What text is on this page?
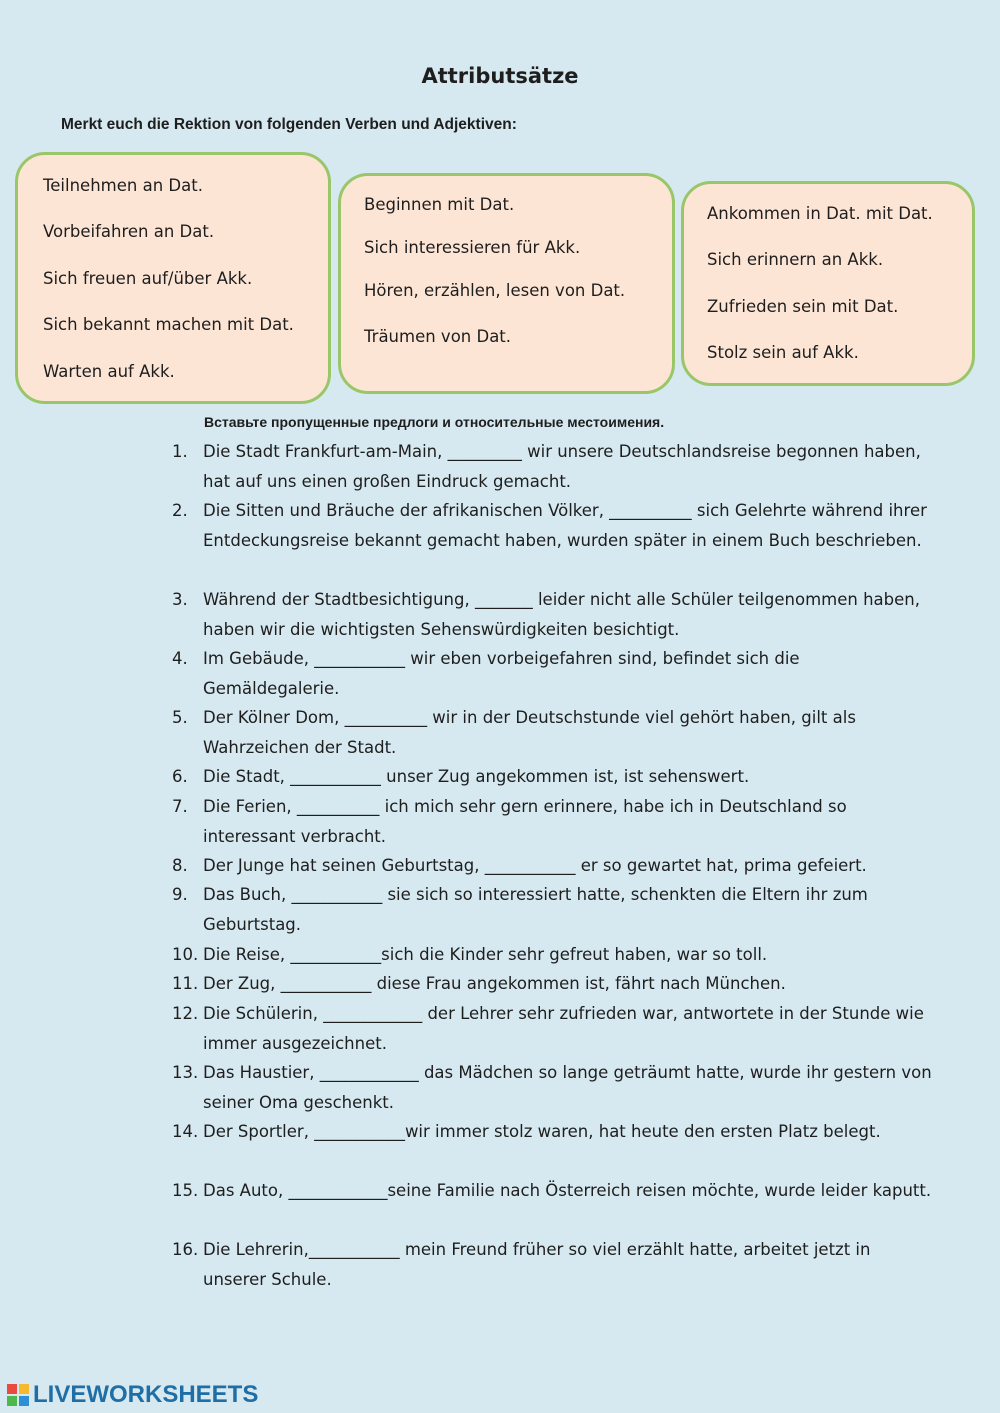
Attributsätze
Merkt euch die Rektion von folgenden Verben und Adjektiven:
Teilnehmen an Dat.
Vorbeifahren an Dat.
Sich freuen auf/über Akk.
Sich bekannt machen mit Dat.
Warten auf Akk.
Beginnen mit Dat.
Sich interessieren für Akk.
Hören, erzählen, lesen von Dat.
Träumen von Dat.
Ankommen in Dat. mit Dat.
Sich erinnern an Akk.
Zufrieden sein mit Dat.
Stolz sein auf Akk.
Вставьте пропущенные предлоги и относительные местоимения.
1. Die Stadt Frankfurt-am-Main, _________ wir unsere Deutschlandsreise begonnen haben, hat auf uns einen großen Eindruck gemacht.
2. Die Sitten und Bräuche der afrikanischen Völker, __________ sich Gelehrte während ihrer Entdeckungsreise bekannt gemacht haben, wurden später in einem Buch beschrieben.
3. Während der Stadtbesichtigung, _______ leider nicht alle Schüler teilgenommen haben, haben wir die wichtigsten Sehenswürdigkeiten besichtigt.
4. Im Gebäude, ___________ wir eben vorbeigefahren sind, befindet sich die Gemäldegalerie.
5. Der Kölner Dom, __________ wir in der Deutschstunde viel gehört haben, gilt als Wahrzeichen der Stadt.
6. Die Stadt, ___________ unser Zug angekommen ist, ist sehenswert.
7. Die Ferien, __________ ich mich sehr gern erinnere, habe ich in Deutschland so interessant verbracht.
8. Der Junge hat seinen Geburtstag, ___________ er so gewartet hat, prima gefeiert.
9. Das Buch, ___________ sie sich so interessiert hatte, schenkten die Eltern ihr zum Geburtstag.
10. Die Reise, ___________sich die Kinder sehr gefreut haben, war so toll.
11. Der Zug, ___________ diese Frau angekommen ist, fährt nach München.
12. Die Schülerin, ____________ der Lehrer sehr zufrieden war, antwortete in der Stunde wie immer ausgezeichnet.
13. Das Haustier, ____________ das Mädchen so lange geträumt hatte, wurde ihr gestern von seiner Oma geschenkt.
14. Der Sportler, ___________wir immer stolz waren, hat heute den ersten Platz belegt.
15. Das Auto, ____________seine Familie nach Österreich reisen möchte, wurde leider kaputt.
16. Die Lehrerin,___________ mein Freund früher so viel erzählt hatte, arbeitet jetzt in unserer Schule.
LIVEWORKSHEETS
